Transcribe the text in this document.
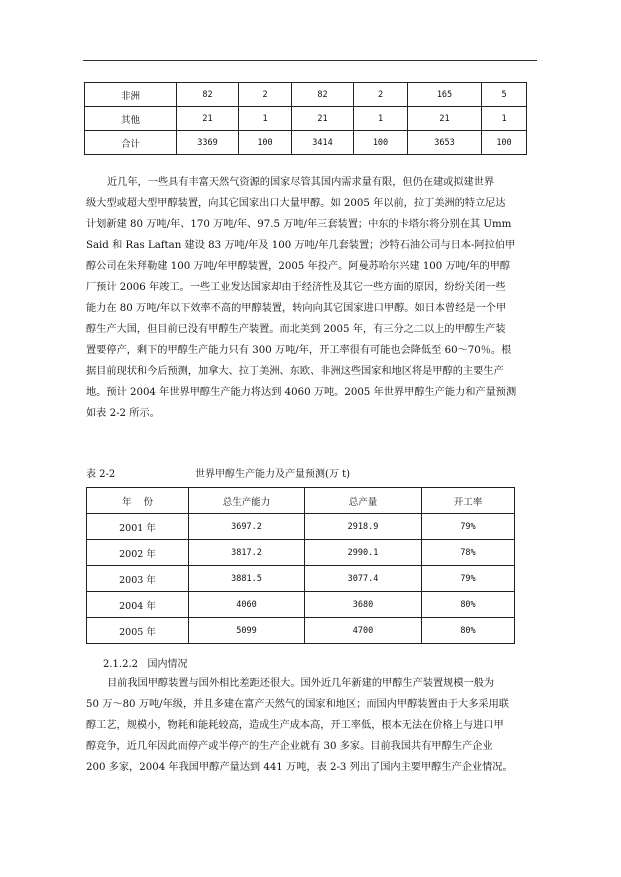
非洲	82	2	82	2	165	5
其他	21	1	21	1	21	1
合计	3369	100	3414	100	3653	100
近几年，一些具有丰富天然气资源的国家尽管其国内需求量有限，但仍在建或拟建世界
级大型或超大型甲醇装置，向其它国家出口大量甲醇。如 2005 年以前，拉丁美洲的特立尼达
计划新建 80 万吨/年、170 万吨/年、97.5 万吨/年三套装置；中东的卡塔尔将分别在其 Umm
Said 和 Ras Laftan 建设 83 万吨/年及 100 万吨/年几套装置；沙特石油公司与日本-阿拉伯甲
醇公司在朱拜勒建 100 万吨/年甲醇装置，2005 年投产。阿曼苏哈尔兴建 100 万吨/年的甲醇
厂预计 2006 年竣工。一些工业发达国家却由于经济性及其它一些方面的原因，纷纷关闭一些
能力在 80 万吨/年以下效率不高的甲醇装置，转向向其它国家进口甲醇。如日本曾经是一个甲
醇生产大国，但目前已没有甲醇生产装置。而北美到 2005 年，有三分之二以上的甲醇生产装
置要停产，剩下的甲醇生产能力只有 300 万吨/年，开工率很有可能也会降低至 60～70％。根
据目前现状和今后预测，加拿大、拉丁美洲、东欧、非洲这些国家和地区将是甲醇的主要生产
地。预计 2004 年世界甲醇生产能力将达到 4060 万吨。2005 年世界甲醇生产能力和产量预测
如表 2-2 所示。
表 2-2	世界甲醇生产能力及产量预测(万 t)
年    份	总生产能力	总产量	开工率
2001 年	3697.2	2918.9	79%
2002 年	3817.2	2990.1	78%
2003 年	3881.5	3077.4	79%
2004 年	4060	3680	80%
2005 年	5099	4700	80%
2.1.2.2   国内情况
目前我国甲醇装置与国外相比差距还很大。国外近几年新建的甲醇生产装置规模一般为
50 万～80 万吨/年级，并且多建在富产天然气的国家和地区；而国内甲醇装置由于大多采用联
醇工艺，规模小，物耗和能耗较高，造成生产成本高，开工率低，根本无法在价格上与进口甲
醇竞争，近几年因此而停产或半停产的生产企业就有 30 多家。目前我国共有甲醇生产企业
200 多家，2004 年我国甲醇产量达到 441 万吨，表 2-3 列出了国内主要甲醇生产企业情况。
